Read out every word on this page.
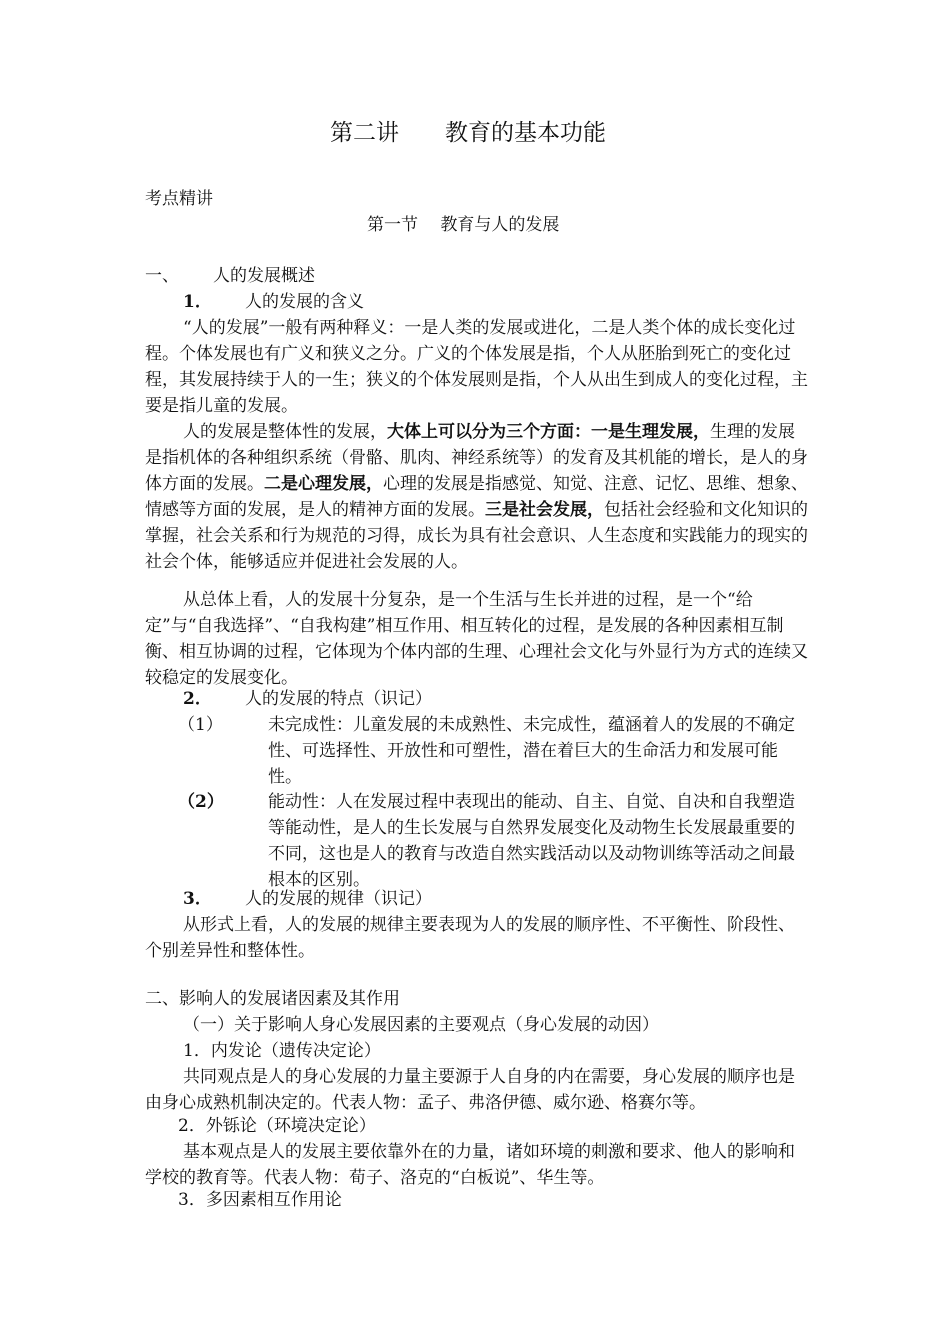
第二讲　　教育的基本功能
考点精讲
第一节　 教育与人的发展
一、 人的发展概述
1． 人的发展的含义

“人的发展”一般有两种释义：一是人类的发展或进化，二是人类个体的成长变化过程。个体发展也有广义和狭义之分。广义的个体发展是指，个人从胚胎到死亡的变化过程，其发展持续于人的一生；狭义的个体发展则是指，个人从出生到成人的变化过程，主要是指儿童的发展。

人的发展是整体性的发展，大体上可以分为三个方面：一是生理发展，生理的发展是指机体的各种组织系统（骨骼、肌肉、神经系统等）的发育及其机能的增长，是人的身体方面的发展。二是心理发展，心理的发展是指感觉、知觉、注意、记忆、思维、想象、情感等方面的发展，是人的精神方面的发展。三是社会发展，包括社会经验和文化知识的掌握，社会关系和行为规范的习得，成长为具有社会意识、人生态度和实践能力的现实的社会个体，能够适应并促进社会发展的人。

从总体上看，人的发展十分复杂，是一个生活与生长并进的过程，是一个“给定”与“自我选择”、“自我构建”相互作用、相互转化的过程，是发展的各种因素相互制衡、相互协调的过程，它体现为个体内部的生理、心理社会文化与外显行为方式的连续又较稳定的发展变化。

2． 人的发展的特点（识记）
（1）	未完成性：儿童发展的未成熟性、未完成性，蕴涵着人的发展的不确定性、可选择性、开放性和可塑性，潜在着巨大的生命活力和发展可能性。
（2）	能动性：人在发展过程中表现出的能动、自主、自觉、自决和自我塑造等能动性，是人的生长发展与自然界发展变化及动物生长发展最重要的不同，这也是人的教育与改造自然实践活动以及动物训练等活动之间最根本的区别。
3． 人的发展的规律（识记）

从形式上看，人的发展的规律主要表现为人的发展的顺序性、不平衡性、阶段性、个别差异性和整体性。

二、影响人的发展诸因素及其作用
（一）关于影响人身心发展因素的主要观点（身心发展的动因）
1．内发论（遗传决定论）

共同观点是人的身心发展的力量主要源于人自身的内在需要，身心发展的顺序也是由身心成熟机制决定的。代表人物：孟子、弗洛伊德、威尔逊、格赛尔等。

2．外铄论（环境决定论）

基本观点是人的发展主要依靠外在的力量，诸如环境的刺激和要求、他人的影响和学校的教育等。代表人物：荀子、洛克的“白板说”、华生等。

3．多因素相互作用论
